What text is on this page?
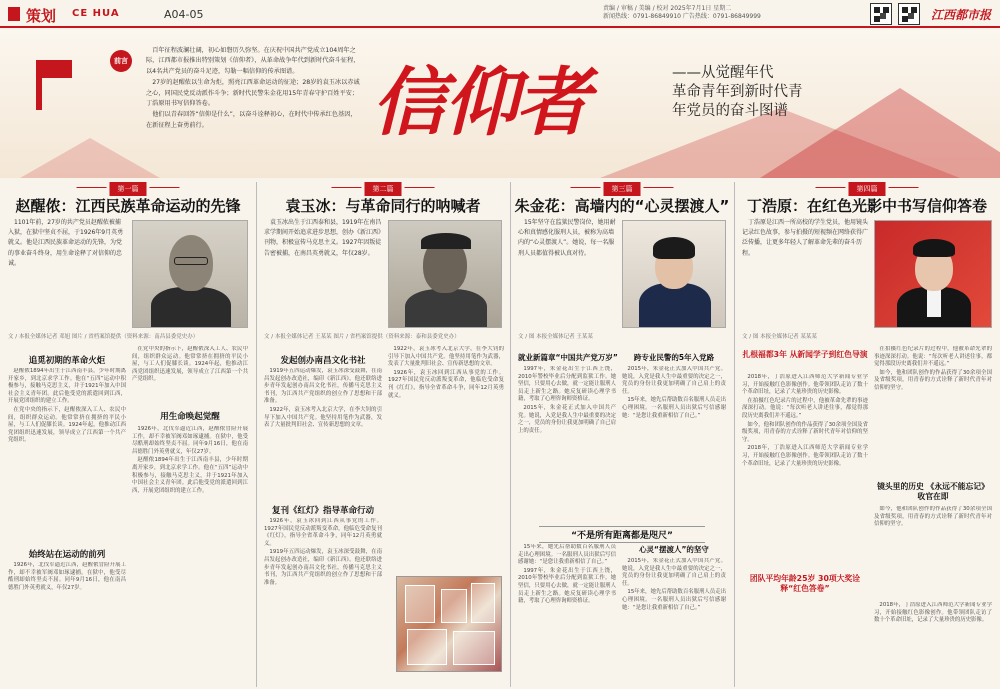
策划 CE HUA	A04-05	责编 / 审稿 / 美编 / 校对 2025年7月1日 星期二
新闻热线：0791-86849910 广告热线：0791-86849999	江西都市报
前言

百年征程波澜壮阔，初心如磐历久弥坚。在庆祝中国共产党成立104周年之际，江西都市报推出特别策划《信仰者》，从革命战争年代到新时代奋斗征程，以4名共产党员的奋斗足迹，勾勒一幅信仰的传承图谱。

27岁的赵醒侬以生命为炬，照亮江西革命运动的征途；28岁的袁玉冰以赤诚之心，同国民党反动派作斗争；新时代民警朱金花用15年青春守护百姓平安；丁浩原用书写信仰答卷。

他们以青春回答“信仰是什么”，以奋斗诠释初心，在时代中传承红色基因，在新征程上奋勇前行。	信仰者	——从觉醒年代
革命青年到新时代青
年党员的奋斗图谱
第一篇
赵醒侬：江西民族革命运动的先锋

1101年前，27岁的共产党员赵醒侬被捕入狱，在狱中坚贞不屈，于1926年9月英勇就义。他是江西民族革命运动的先锋，为党的事业奋斗终身，用生命诠释了对信仰的忠诚。

文 / 本报全媒体记者 邓旭 图片 / 省档案馆提供（资料来源：南昌县委党史办）
追觅初期的革命火炬

赵醒侬1894年出生于江西南丰县，少年时期离开家乡，到北京求学工作。他在“五四”运动中积极参与，接触马克思主义，并于1921年加入中国社会主义青年团。此后他受党的派遣回到江西，开展党团组织的建立工作。

在党中央的指示下，赵醒侬深入工人、农民中间，组织群众运动。他常常挤在拥挤的平民小屋，与工人们促膝长谈。1924年起，他推动江西党团组织迅速发展，领导成立了江西第一个共产党组织。

始终站在运动的前列

1926年，北伐军逼近江西，赵醒侬冒险开展工作，却不幸被军阀邓如琢逮捕。在狱中，他受尽酷刑却始终坚贞不屈。同年9月16日，他在南昌德胜门外英勇就义，年仅27岁。

在党中央的指示下，赵醒侬深入工人、农民中间，组织群众运动。他常常挤在拥挤的平民小屋，与工人们促膝长谈。1924年起，他推动江西党团组织迅速发展，领导成立了江西第一个共产党组织。

用生命唤起觉醒

1926年，北伐军逼近江西，赵醒侬冒险开展工作，却不幸被军阀邓如琢逮捕。在狱中，他受尽酷刑却始终坚贞不屈。同年9月16日，他在南昌德胜门外英勇就义，年仅27岁。

赵醒侬1894年出生于江西南丰县，少年时期离开家乡，到北京求学工作。他在“五四”运动中积极参与，接触马克思主义，并于1921年加入中国社会主义青年团。此后他受党的派遣回到江西，开展党团组织的建立工作。

第二篇
袁玉冰：与革命同行的呐喊者

袁玉冰出生于江西泰和县，1919年在南昌求学期间开始追求进步思想，创办《新江西》刊物，积极宣传马克思主义。1927年因叛徒告密被捕，在南昌英勇就义，年仅28岁。

文 / 本报全媒体记者 王某某 图片 / 省档案馆提供（资料来源：泰和县委党史办）
发起创办南昌文化书社

1919年五四运动爆发，袁玉冰深受鼓舞，在南昌发起创办改造社，编印《新江西》。他还联络进步青年发起创办南昌文化书社，传播马克思主义书刊，为江西共产党组织的创立作了思想和干部准备。

1922年，袁玉冰考入北京大学，在李大钊的引导下加入中国共产党。他坚持用笔作为武器，发表了大量批判旧社会、宣传新思想的文章。

复刊《红灯》指导革命行动

1926年，袁玉冰回到江西从事党的工作。1927年国民党反动派叛变革命，他临危受命复刊《红灯》，指导全省革命斗争，同年12月英勇就义。

1919年五四运动爆发，袁玉冰深受鼓舞，在南昌发起创办改造社，编印《新江西》。他还联络进步青年发起创办南昌文化书社，传播马克思主义书刊，为江西共产党组织的创立作了思想和干部准备。

1922年，袁玉冰考入北京大学，在李大钊的引导下加入中国共产党。他坚持用笔作为武器，发表了大量批判旧社会、宣传新思想的文章。

1926年，袁玉冰回到江西从事党的工作。1927年国民党反动派叛变革命，他临危受命复刊《红灯》，指导全省革命斗争，同年12月英勇就义。

第三篇
朱金花：高墙内的“心灵摆渡人”

15年坚守在监狱民警岗位，她用耐心和真情感化服刑人员，被称为高墙内的“心灵摆渡人”。她说，每一名服刑人员都值得被认真对待。

文 / 图 本报全媒体记者 王某某
就业新篇章“中国共产党万岁”	跨专业民警的5年入党路

1997年，朱金花出生于江西上饶，2010年警校毕业后分配到监狱工作。她坚信，只要用心去做，就一定能让服刑人员走上新生之路。她反复研读心理学书籍，考取了心理咨询师资格证。

2015年，朱金花正式加入中国共产党。她说，入党是我人生中最重要的决定之一，党员的身份让我更加明确了自己肩上的责任。

2015年，朱金花正式加入中国共产党。她说，入党是我人生中最重要的决定之一，党员的身份让我更加明确了自己肩上的责任。

15年来，她先后帮助数百名服刑人员走出心理困境。一名服刑人员出狱后写信感谢她：“是您让我重新相信了自己。”

“不是所有距离都是咫尺”

15年来，她先后帮助数百名服刑人员走出心理困境。一名服刑人员出狱后写信感谢她：“是您让我重新相信了自己。”

1997年，朱金花出生于江西上饶，2010年警校毕业后分配到监狱工作。她坚信，只要用心去做，就一定能让服刑人员走上新生之路。她反复研读心理学书籍，考取了心理咨询师资格证。

心灵“摆渡人”的坚守

2015年，朱金花正式加入中国共产党。她说，入党是我人生中最重要的决定之一，党员的身份让我更加明确了自己肩上的责任。

15年来，她先后帮助数百名服刑人员走出心理困境。一名服刑人员出狱后写信感谢她：“是您让我重新相信了自己。”

第四篇
丁浩原：在红色光影中书写信仰答卷

丁浩原是江西一所高校的学生党员，他用镜头记录红色故事，参与拍摄的短视频在网络获得广泛传播，让更多年轻人了解革命先辈的奋斗历程。

文 / 图 本报全媒体记者 某某某
扎根福都3年 从新闻学子到红色导演

2018年，丁浩原进入江西师范大学新闻专业学习，开始接触红色影像创作。他带领团队走访了数十个革命旧址，记录了大量珍贵的历史影像。

在拍摄红色纪录片的过程中，他被革命先辈的事迹深深打动。他说：“每次听老人讲述往事，都觉得那段历史离我们并不遥远。”

如今，他和团队创作的作品获得了30余项全国及省级奖项，用青春的方式诠释了新时代青年对信仰的坚守。

2018年，丁浩原进入江西师范大学新闻专业学习，开始接触红色影像创作。他带领团队走访了数十个革命旧址，记录了大量珍贵的历史影像。

在拍摄红色纪录片的过程中，他被革命先辈的事迹深深打动。他说：“每次听老人讲述往事，都觉得那段历史离我们并不遥远。”

如今，他和团队创作的作品获得了30余项全国及省级奖项，用青春的方式诠释了新时代青年对信仰的坚守。

镜头里的历史 《永远不能忘记》收官在即

如今，他和团队创作的作品获得了30余项全国及省级奖项，用青春的方式诠释了新时代青年对信仰的坚守。

2018年，丁浩原进入江西师范大学新闻专业学习，开始接触红色影像创作。他带领团队走访了数十个革命旧址，记录了大量珍贵的历史影像。

团队平均年龄25岁 30项大奖诠释“红色答卷”
